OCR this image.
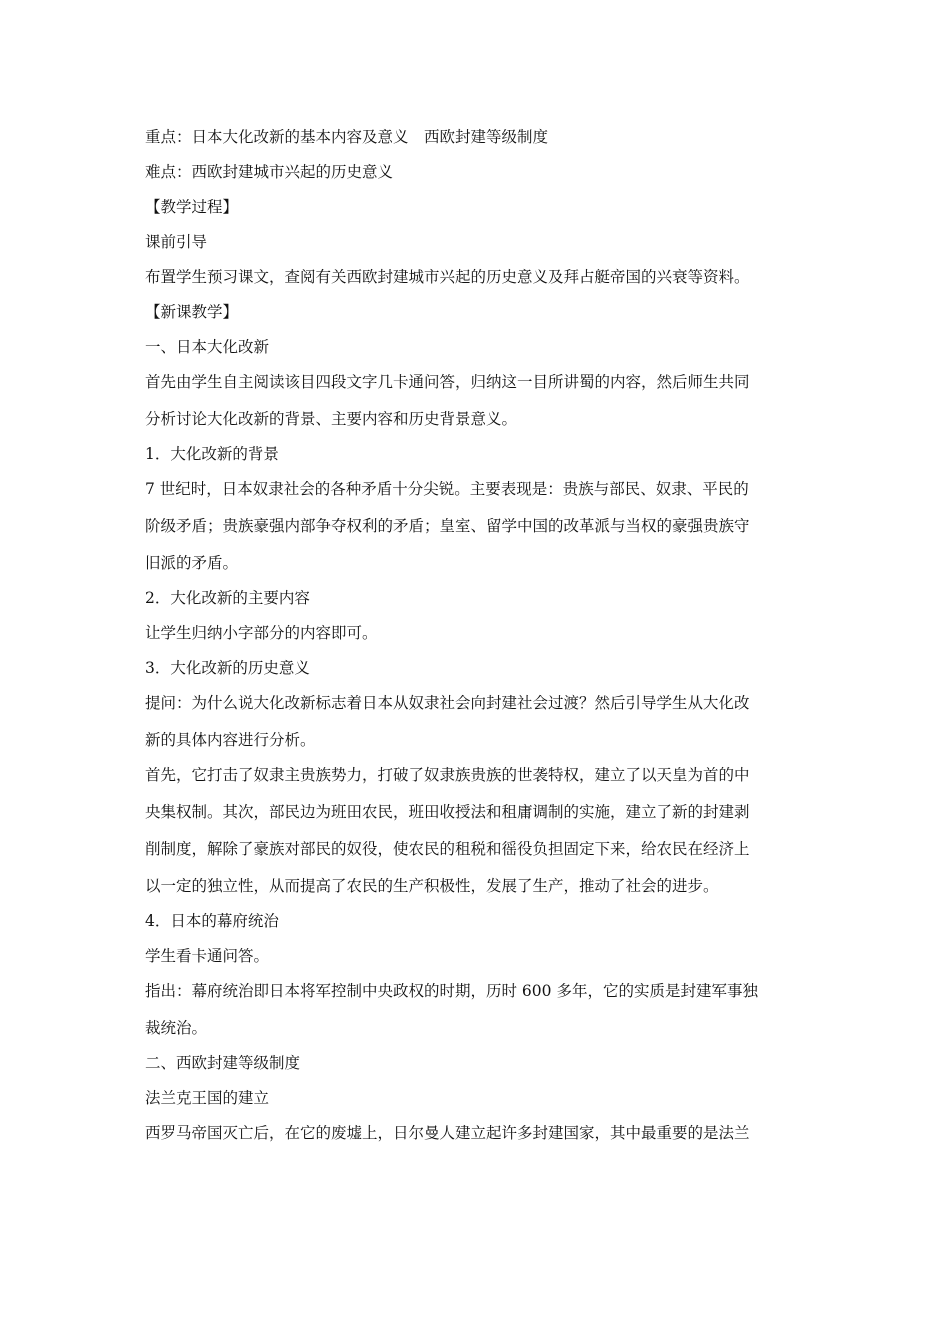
重点：日本大化改新的基本内容及意义　西欧封建等级制度
难点：西欧封建城市兴起的历史意义
【教学过程】
课前引导
布置学生预习课文，查阅有关西欧封建城市兴起的历史意义及拜占艇帝国的兴衰等资料。
【新课教学】
一、日本大化改新
首先由学生自主阅读该目四段文字几卡通问答，归纳这一目所讲蜀的内容，然后师生共同
分析讨论大化改新的背景、主要内容和历史背景意义。
1．大化改新的背景
7 世纪时，日本奴隶社会的各种矛盾十分尖锐。主要表现是：贵族与部民、奴隶、平民的
阶级矛盾；贵族豪强内部争夺权利的矛盾；皇室、留学中国的改革派与当权的豪强贵族守
旧派的矛盾。
2．大化改新的主要内容
让学生归纳小字部分的内容即可。
3．大化改新的历史意义
提问：为什么说大化改新标志着日本从奴隶社会向封建社会过渡？然后引导学生从大化改
新的具体内容进行分析。
首先，它打击了奴隶主贵族势力，打破了奴隶族贵族的世袭特权，建立了以天皇为首的中
央集权制。其次，部民边为班田农民，班田收授法和租庸调制的实施，建立了新的封建剥
削制度，解除了豪族对部民的奴役，使农民的租税和徭役负担固定下来，给农民在经济上
以一定的独立性，从而提高了农民的生产积极性，发展了生产，推动了社会的进步。
4．日本的幕府统治
学生看卡通问答。
指出：幕府统治即日本将军控制中央政权的时期，历时 600 多年，它的实质是封建军事独
裁统治。
二、西欧封建等级制度
法兰克王国的建立
西罗马帝国灭亡后，在它的废墟上，日尔曼人建立起许多封建国家，其中最重要的是法兰
